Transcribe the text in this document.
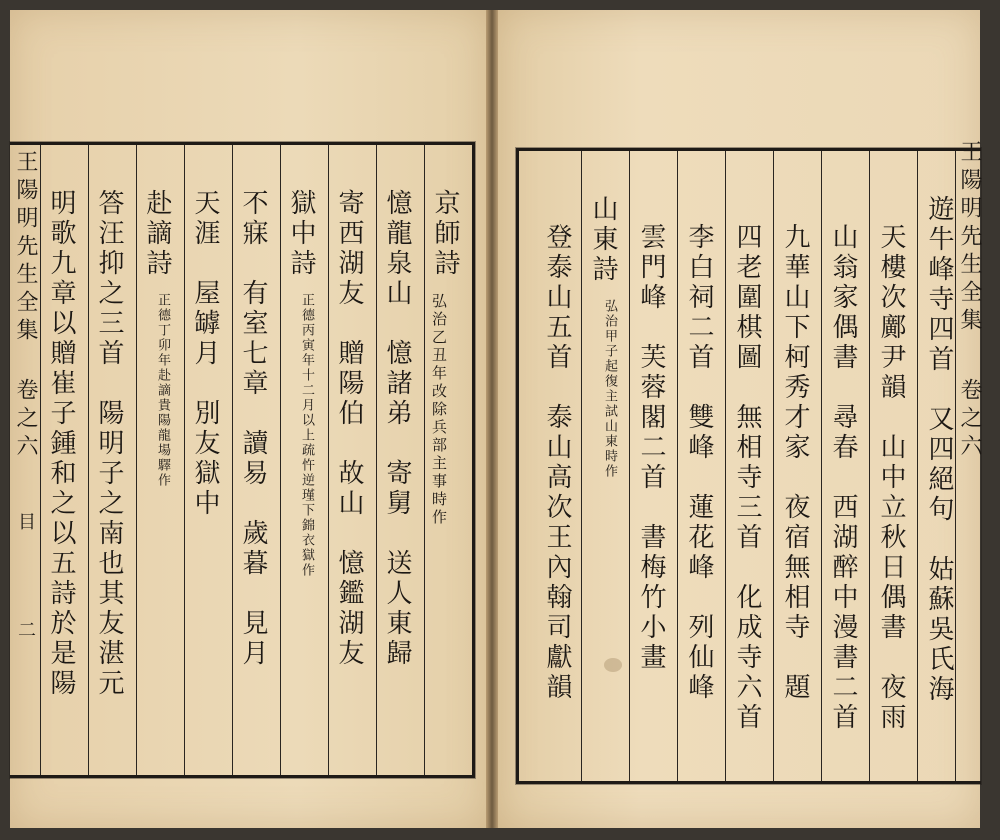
王陽明先生全集
卷之六
目
二
京師詩
弘治乙丑年改除兵部主事時作
憶龍泉山　憶諸弟　寄舅　送人東歸
寄西湖友　贈陽伯　故山　憶鑑湖友
獄中詩
正德丙寅年十二月以上疏忤逆瑾下錦衣獄作
不寐　有室七章　讀易　歲暮　見月
天涯　屋罅月　別友獄中
赴謫詩
正德丁卯年赴謫貴陽龍場驛作
答汪抑之三首　陽明子之南也其友湛元
明歌九章以贈崔子鍾和之以五詩於是陽	王陽明先生全集
卷之六
遊牛峰寺四首　又四絕句　姑蘇吳氏海
天樓次鄺尹韻　山中立秋日偶書　夜雨
山翁家偶書　尋春　西湖醉中漫書二首
九華山下柯秀才家　夜宿無相寺　題
四老圍棋圖　無相寺三首　化成寺六首
李白祠二首　雙峰　蓮花峰　列仙峰
雲門峰　芙蓉閣二首　書梅竹小畫
山東詩
弘治甲子起復主試山東時作
登泰山五首　泰山高次王內翰司獻韻
